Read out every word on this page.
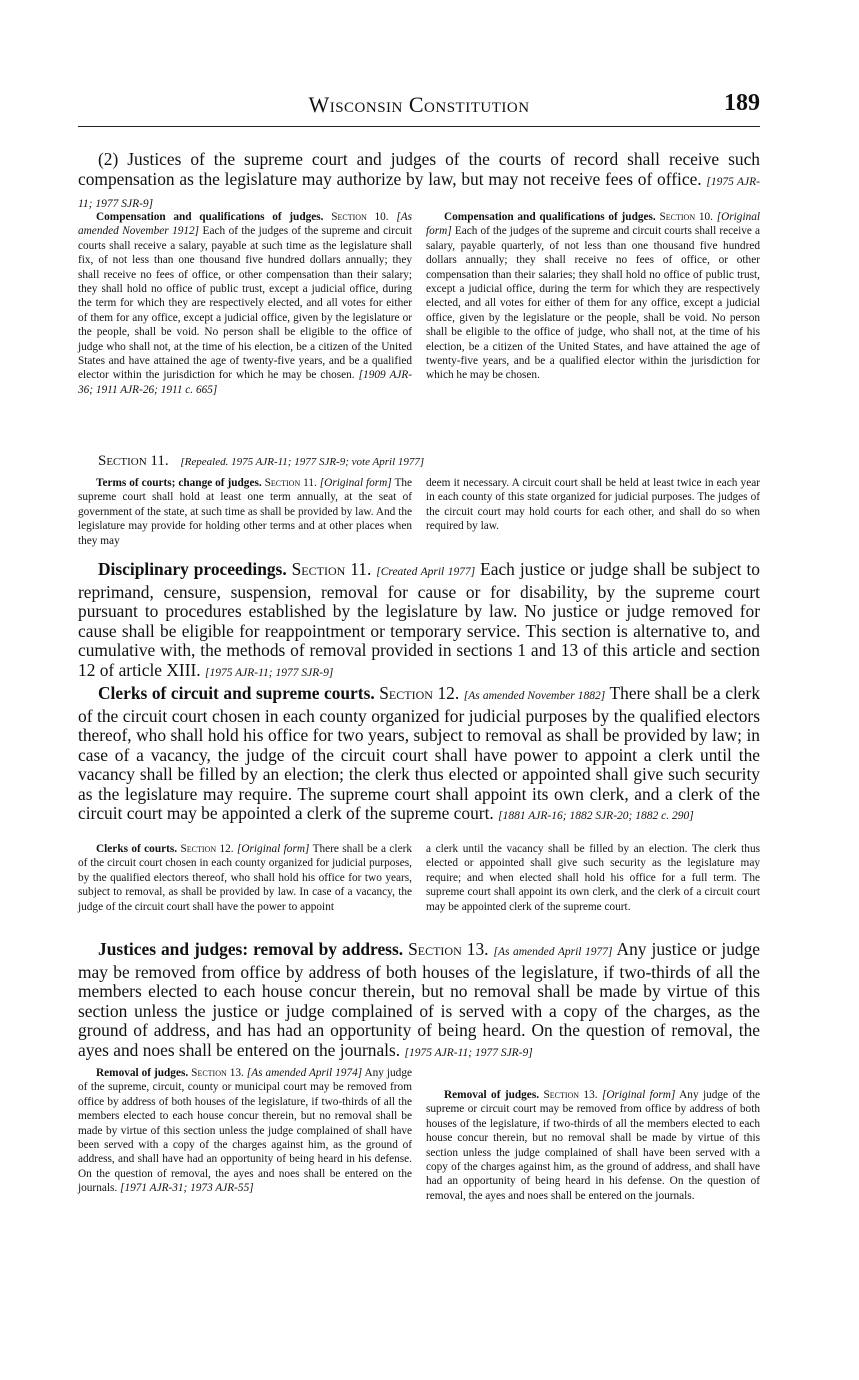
Wisconsin Constitution	189

(2) Justices of the supreme court and judges of the courts of record shall receive such compensation as the legislature may authorize by law, but may not receive fees of office. [1975 AJR-11; 1977 SJR-9]

Compensation and qualifications of judges. Section 10. [As amended November 1912] Each of the judges of the supreme and circuit courts shall receive a salary, payable at such time as the legislature shall fix, of not less than one thousand five hundred dollars annually; they shall receive no fees of office, or other compensation than their salary; they shall hold no office of public trust, except a judicial office, during the term for which they are respectively elected, and all votes for either of them for any office, except a judicial office, given by the legislature or the people, shall be void. No person shall be eligible to the office of judge who shall not, at the time of his election, be a citizen of the United States and have attained the age of twenty-five years, and be a qualified elector within the jurisdiction for which he may be chosen. [1909 AJR-36; 1911 AJR-26; 1911 c. 665]

Compensation and qualifications of judges. Section 10. [Original form] Each of the judges of the supreme and circuit courts shall receive a salary, payable quarterly, of not less than one thousand five hundred dollars annually; they shall receive no fees of office, or other compensation than their salaries; they shall hold no office of public trust, except a judicial office, during the term for which they are respectively elected, and all votes for either of them for any office, except a judicial office, given by the legislature or the people, shall be void. No person shall be eligible to the office of judge, who shall not, at the time of his election, be a citizen of the United States, and have attained the age of twenty-five years, and be a qualified elector within the jurisdiction for which he may be chosen.

Section 11. [Repealed. 1975 AJR-11; 1977 SJR-9; vote April 1977]

Terms of courts; change of judges. Section 11. [Original form] The supreme court shall hold at least one term annually, at the seat of government of the state, at such time as shall be provided by law. And the legislature may provide for holding other terms and at other places when they may

deem it necessary. A circuit court shall be held at least twice in each year in each county of this state organized for judicial purposes. The judges of the circuit court may hold courts for each other, and shall do so when required by law.

Disciplinary proceedings. Section 11. [Created April 1977] Each justice or judge shall be subject to reprimand, censure, suspension, removal for cause or for disability, by the supreme court pursuant to procedures established by the legislature by law. No justice or judge removed for cause shall be eligible for reappointment or temporary service. This section is alternative to, and cumulative with, the methods of removal provided in sections 1 and 13 of this article and section 12 of article XIII. [1975 AJR-11; 1977 SJR-9]

Clerks of circuit and supreme courts. Section 12. [As amended November 1882] There shall be a clerk of the circuit court chosen in each county organized for judicial purposes by the qualified electors thereof, who shall hold his office for two years, subject to removal as shall be provided by law; in case of a vacancy, the judge of the circuit court shall have power to appoint a clerk until the vacancy shall be filled by an election; the clerk thus elected or appointed shall give such security as the legislature may require. The supreme court shall appoint its own clerk, and a clerk of the circuit court may be appointed a clerk of the supreme court. [1881 AJR-16; 1882 SJR-20; 1882 c. 290]

Clerks of courts. Section 12. [Original form] There shall be a clerk of the circuit court chosen in each county organized for judicial purposes, by the qualified electors thereof, who shall hold his office for two years, subject to removal, as shall be provided by law. In case of a vacancy, the judge of the circuit court shall have the power to appoint

a clerk until the vacancy shall be filled by an election. The clerk thus elected or appointed shall give such security as the legislature may require; and when elected shall hold his office for a full term. The supreme court shall appoint its own clerk, and the clerk of a circuit court may be appointed clerk of the supreme court.

Justices and judges: removal by address. Section 13. [As amended April 1977] Any justice or judge may be removed from office by address of both houses of the legislature, if two-thirds of all the members elected to each house concur therein, but no removal shall be made by virtue of this section unless the justice or judge complained of is served with a copy of the charges, as the ground of address, and has had an opportunity of being heard. On the question of removal, the ayes and noes shall be entered on the journals. [1975 AJR-11; 1977 SJR-9]

Removal of judges. Section 13. [As amended April 1974] Any judge of the supreme, circuit, county or municipal court may be removed from office by address of both houses of the legislature, if two-thirds of all the members elected to each house concur therein, but no removal shall be made by virtue of this section unless the judge complained of shall have been served with a copy of the charges against him, as the ground of address, and shall have had an opportunity of being heard in his defense. On the question of removal, the ayes and noes shall be entered on the journals. [1971 AJR-31; 1973 AJR-55]

Removal of judges. Section 13. [Original form] Any judge of the supreme or circuit court may be removed from office by address of both houses of the legislature, if two-thirds of all the members elected to each house concur therein, but no removal shall be made by virtue of this section unless the judge complained of shall have been served with a copy of the charges against him, as the ground of address, and shall have had an opportunity of being heard in his defense. On the question of removal, the ayes and noes shall be entered on the journals.
